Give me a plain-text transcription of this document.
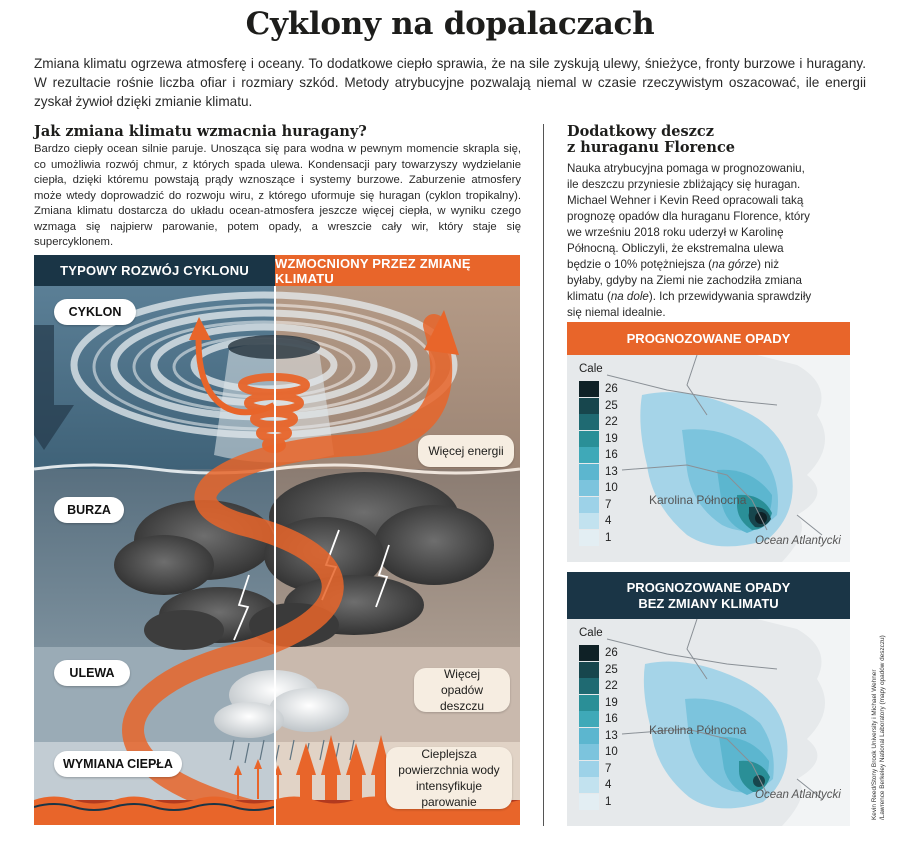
Cyklony na dopalaczach

Zmiana klimatu ogrzewa atmosferę i oceany. To dodatkowe ciepło sprawia, że na sile zyskują ulewy, śnieżyce, fronty burzowe i huragany. W rezultacie rośnie liczba ofiar i rozmiary szkód. Metody atrybucyjne pozwalają niemal w czasie rzeczywistym oszacować, ile energii zyskał żywioł dzięki zmianie klimatu.

Jak zmiana klimatu wzmacnia huragany?

Bardzo ciepły ocean silnie paruje. Unosząca się para wodna w pewnym momencie skrapla się, co umożliwia rozwój chmur, z których spada ulewa. Kondensacji pary towarzyszy wydzielanie ciepła, dzięki któremu powstają prądy wznoszące i systemy burzowe. Zaburzenie atmosfery może wtedy doprowadzić do rozwoju wiru, z którego uformuje się huragan (cyklon tropikalny). Zmiana klimatu dostarcza do układu ocean-atmosfera jeszcze więcej ciepła, w wyniku czego wzmaga się najpierw parowanie, potem opady, a wreszcie cały wir, który staje się supercyklonem.

TYPOWY ROZWÓJ CYKLONU	WZMOCNIONY PRZEZ ZMIANĘ KLIMATU
CYKLON
BURZA
ULEWA
WYMIANA CIEPŁA
Więcej energii
Więcej opadów deszczu
Cieplejsza powierzchnia wody intensyfikuje parowanie
Dodatkowy deszcz
z huraganu Florence

Nauka atrybucyjna pomaga w prognozowaniu, ile deszczu przyniesie zbliżający się huragan. Michael Wehner i Kevin Reed opracowali taką prognozę opadów dla huraganu Florence, który we wrześniu 2018 roku uderzył w Karolinę Północną. Obliczyli, że ekstremalna ulewa będzie o 10% potężniejsza (na górze) niż byłaby, gdyby na Ziemi nie zachodziła zmiana klimatu (na dole). Ich przewidywania sprawdziły się niemal idealnie.

PROGNOZOWANE OPADY
Cale
26
25
22
19
16
13
10
7
4
1
Karolina Północna
Ocean Atlantycki
PROGNOZOWANE OPADY
BEZ ZMIANY KLIMATU
Cale
26
25
22
19
16
13
10
7
4
1
Karolina Północna
Ocean Atlantycki	Kevin Reed/Stony Brook University i Michael Wehner /Lawrence Berkeley National Laboratory (mapy opadów deszczu)
